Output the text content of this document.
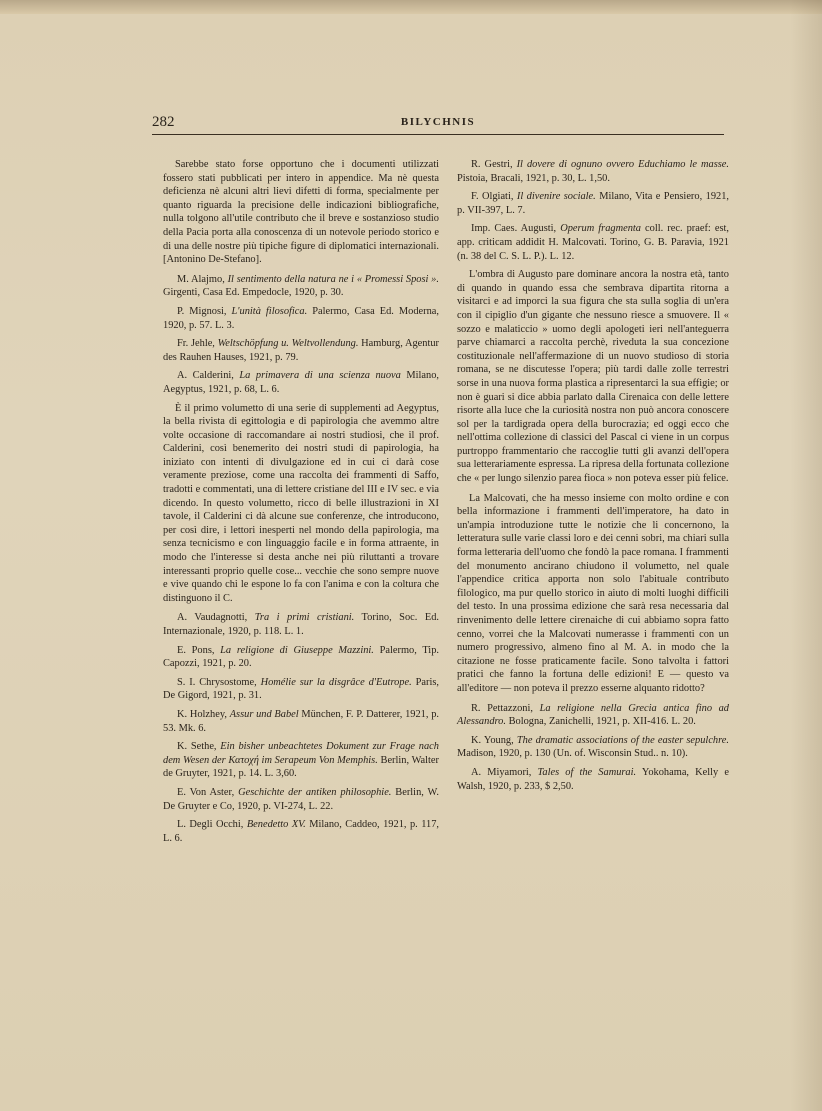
282	BILYCHNIS

Sarebbe stato forse opportuno che i documenti utilizzati fossero stati pubblicati per intero in appendice. Ma nè questa deficienza nè alcuni altri lievi difetti di forma, specialmente per quanto riguarda la precisione delle indicazioni bibliografiche, nulla tolgono all'utile contributo che il breve e sostanzioso studio della Pacia porta alla conoscenza di un notevole periodo storico e di una delle nostre più tipiche figure di diplomatici internazionali. [Antonino De-Stefano].

M. Alajmo, Il sentimento della natura ne i « Promessi Sposi ». Girgenti, Casa Ed. Empedocle, 1920, p. 30.

P. Mignosi, L'unità filosofica. Palermo, Casa Ed. Moderna, 1920, p. 57. L. 3.

Fr. Jehle, Weltschöpfung u. Weltvollendung. Hamburg, Agentur des Rauhen Hauses, 1921, p. 79.

A. Calderini, La primavera di una scienza nuova Milano, Aegyptus, 1921, p. 68, L. 6.

È il primo volumetto di una serie di supplementi ad Aegyptus, la bella rivista di egittologia e di papirologia che avemmo altre volte occasione di raccomandare ai nostri studiosi, che il prof. Calderini, così benemerito dei nostri studi di papirologia, ha iniziato con intenti di divulgazione ed in cui ci darà cose veramente preziose, come una raccolta dei frammenti di Saffo, tradotti e commentati, una di lettere cristiane del III e IV sec. e via dicendo. In questo volumetto, ricco di belle illustrazioni in XI tavole, il Calderini ci dà alcune sue conferenze, che introducono, per così dire, i lettori inesperti nel mondo della papirologia, ma senza tecnicismo e con linguaggio facile e in forma attraente, in modo che l'interesse si desta anche nei più riluttanti a trovare interessanti proprio quelle cose... vecchie che sono sempre nuove e vive quando chi le espone lo fa con l'anima e con la coltura che distinguono il C.

A. Vaudagnotti, Tra i primi cristiani. Torino, Soc. Ed. Internazionale, 1920, p. 118. L. 1.

E. Pons, La religione di Giuseppe Mazzini. Palermo, Tip. Capozzi, 1921, p. 20.

S. I. Chrysostome, Homélie sur la disgrâce d'Eutrope. Paris, De Gigord, 1921, p. 31.

K. Holzhey, Assur und Babel München, F. P. Datterer, 1921, p. 53. Mk. 6.

K. Sethe, Ein bisher unbeachtetes Dokument zur Frage nach dem Wesen der Κατοχή im Serapeum Von Memphis. Berlin, Walter de Gruyter, 1921, p. 14. L. 3,60.

E. Von Aster, Geschichte der antiken philosophie. Berlin, W. De Gruyter e Co, 1920, p. VI-274, L. 22.

L. Degli Occhi, Benedetto XV. Milano, Caddeo, 1921, p. 117, L. 6.

R. Gestri, Il dovere di ognuno ovvero Educhiamo le masse. Pistoia, Bracali, 1921, p. 30, L. 1,50.

F. Olgiati, Il divenire sociale. Milano, Vita e Pensiero, 1921, p. VII-397, L. 7.

Imp. Caes. Augusti, Operum fragmenta coll. rec. praef: est, app. criticam addidit H. Malcovati. Torino, G. B. Paravia, 1921 (n. 38 del C. S. L. P.). L. 12.

L'ombra di Augusto pare dominare ancora la nostra età, tanto di quando in quando essa che sembrava dipartita ritorna a visitarci e ad imporci la sua figura che sta sulla soglia di un'era con il cipiglio d'un gigante che nessuno riesce a smuovere. Il « sozzo e malaticcio » uomo degli apologeti ieri nell'anteguerra parve chiamarci a raccolta perchè, riveduta la sua concezione costituzionale nell'affermazione di un nuovo studioso di storia romana, se ne discutesse l'opera; più tardi dalle zolle terrestri sorse in una nuova forma plastica a ripresentarci la sua effigie; or non è guari si dice abbia parlato dalla Cirenaica con delle lettere risorte alla luce che la curiosità nostra non può ancora conoscere sol per la tardigrada opera della burocrazia; ed oggi ecco che nell'ottima collezione di classici del Pascal ci viene in un corpus purtroppo frammentario che raccoglie tutti gli avanzi dell'opera sua letterariamente espressa. La ripresa della fortunata collezione che « per lungo silenzio parea fioca » non poteva esser più felice.

La Malcovati, che ha messo insieme con molto ordine e con bella informazione i frammenti dell'imperatore, ha dato in un'ampia introduzione tutte le notizie che li concernono, la letteratura sulle varie classi loro e dei cenni sobri, ma chiari sulla forma letteraria dell'uomo che fondò la pace romana. I frammenti del monumento ancirano chiudono il volumetto, nel quale l'appendice critica apporta non solo l'abituale contributo filologico, ma pur quello storico in aiuto di molti luoghi difficili del testo. In una prossima edizione che sarà resa necessaria dal rinvenimento delle lettere cirenaiche di cui abbiamo sopra fatto cenno, vorrei che la Malcovati numerasse i frammenti con un numero progressivo, almeno fino al M. A. in modo che la citazione ne fosse praticamente facile. Sono talvolta i fattori pratici che fanno la fortuna delle edizioni! E — questo va all'editore — non poteva il prezzo esserne alquanto ridotto?

R. Pettazzoni, La religione nella Grecia antica fino ad Alessandro. Bologna, Zanichelli, 1921, p. XII-416. L. 20.

K. Young, The dramatic associations of the easter sepulchre. Madison, 1920, p. 130 (Un. of. Wisconsin Stud.. n. 10).

A. Miyamori, Tales of the Samurai. Yokohama, Kelly e Walsh, 1920, p. 233, $ 2,50.
